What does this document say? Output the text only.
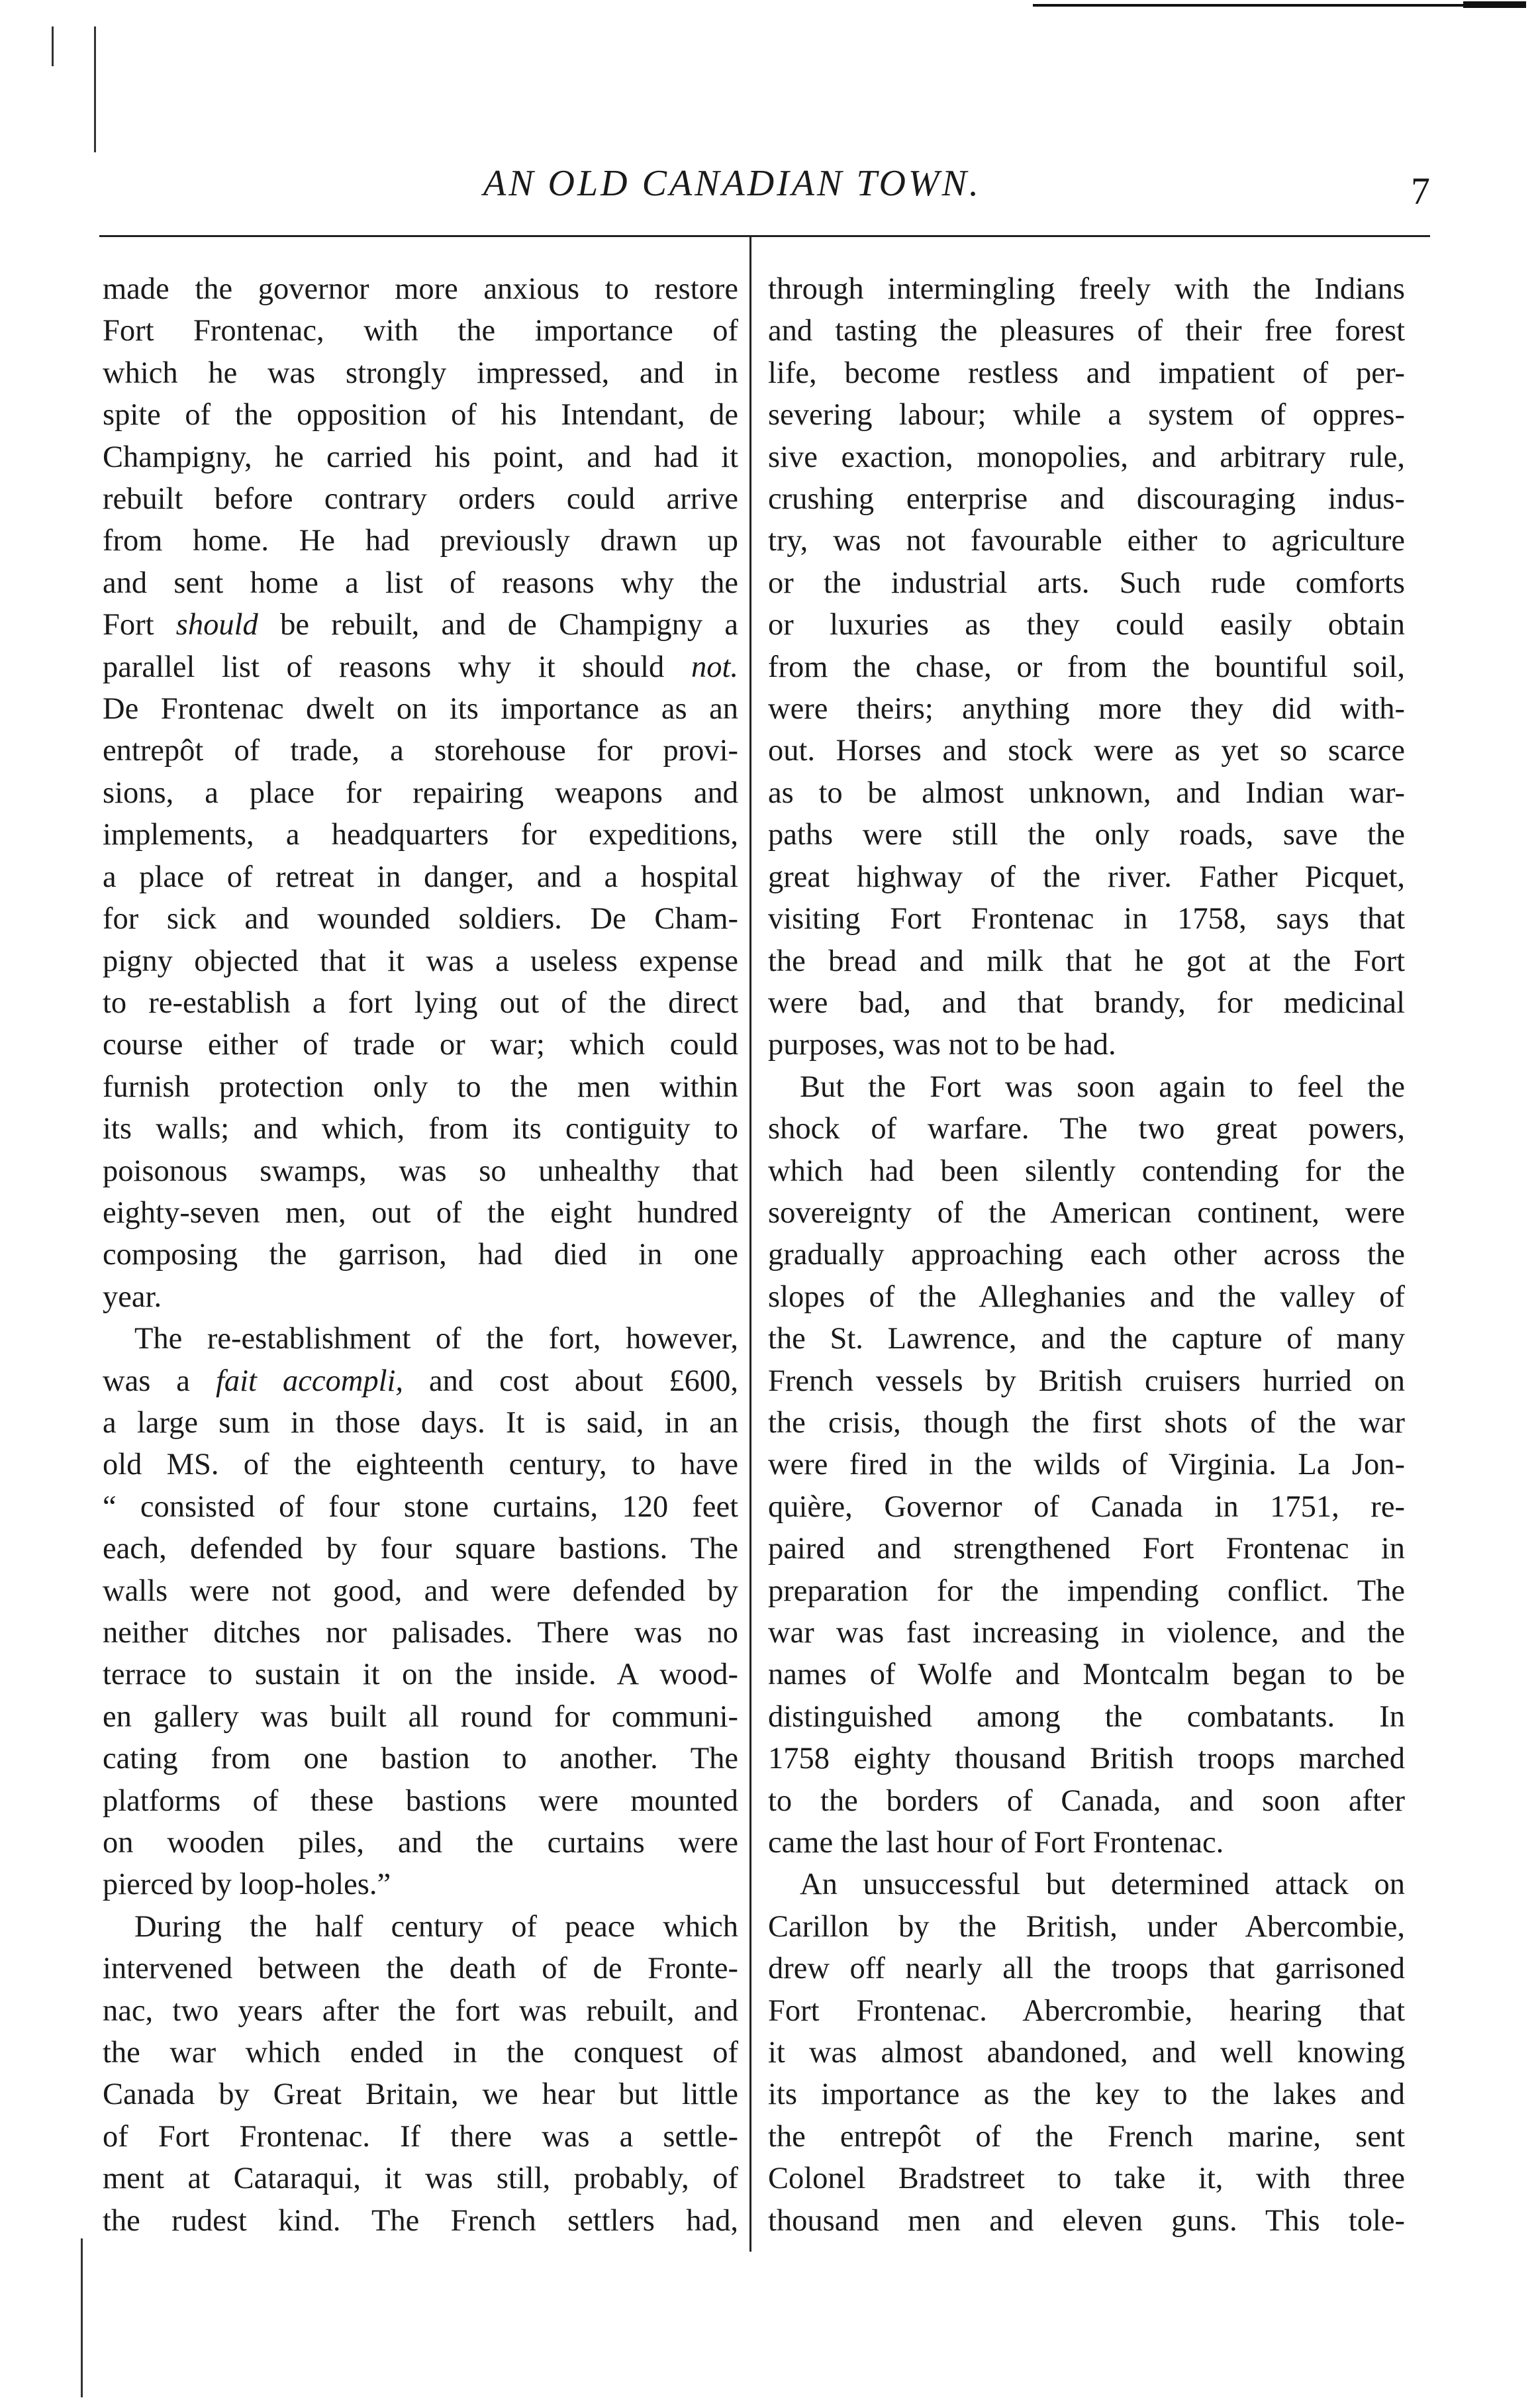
AN OLD CANADIAN TOWN.	7
made the governor more anxious to restore
Fort Frontenac, with the importance of
which he was strongly impressed, and in
spite of the opposition of his Intendant, de
Champigny, he carried his point, and had it
rebuilt before contrary orders could arrive
from home. He had previously drawn up
and sent home a list of reasons why the
Fort should be rebuilt, and de Champigny a
parallel list of reasons why it should not.
De Frontenac dwelt on its importance as an
entrepôt of trade, a storehouse for provi-
sions, a place for repairing weapons and
implements, a headquarters for expeditions,
a place of retreat in danger, and a hospital
for sick and wounded soldiers. De Cham-
pigny objected that it was a useless expense
to re-establish a fort lying out of the direct
course either of trade or war; which could
furnish protection only to the men within
its walls; and which, from its contiguity to
poisonous swamps, was so unhealthy that
eighty-seven men, out of the eight hundred
composing the garrison, had died in one
year.
The re-establishment of the fort, however,
was a fait accompli, and cost about £600,
a large sum in those days. It is said, in an
old MS. of the eighteenth century, to have
“ consisted of four stone curtains, 120 feet
each, defended by four square bastions. The
walls were not good, and were defended by
neither ditches nor palisades. There was no
terrace to sustain it on the inside. A wood-
en gallery was built all round for communi-
cating from one bastion to another. The
platforms of these bastions were mounted
on wooden piles, and the curtains were
pierced by loop-holes.”
During the half century of peace which
intervened between the death of de Fronte-
nac, two years after the fort was rebuilt, and
the war which ended in the conquest of
Canada by Great Britain, we hear but little
of Fort Frontenac. If there was a settle-
ment at Cataraqui, it was still, probably, of
the rudest kind. The French settlers had,
through intermingling freely with the Indians
and tasting the pleasures of their free forest
life, become restless and impatient of per-
severing labour; while a system of oppres-
sive exaction, monopolies, and arbitrary rule,
crushing enterprise and discouraging indus-
try, was not favourable either to agriculture
or the industrial arts. Such rude comforts
or luxuries as they could easily obtain
from the chase, or from the bountiful soil,
were theirs; anything more they did with-
out. Horses and stock were as yet so scarce
as to be almost unknown, and Indian war-
paths were still the only roads, save the
great highway of the river. Father Picquet,
visiting Fort Frontenac in 1758, says that
the bread and milk that he got at the Fort
were bad, and that brandy, for medicinal
purposes, was not to be had.
But the Fort was soon again to feel the
shock of warfare. The two great powers,
which had been silently contending for the
sovereignty of the American continent, were
gradually approaching each other across the
slopes of the Alleghanies and the valley of
the St. Lawrence, and the capture of many
French vessels by British cruisers hurried on
the crisis, though the first shots of the war
were fired in the wilds of Virginia. La Jon-
quière, Governor of Canada in 1751, re-
paired and strengthened Fort Frontenac in
preparation for the impending conflict. The
war was fast increasing in violence, and the
names of Wolfe and Montcalm began to be
distinguished among the combatants. In
1758 eighty thousand British troops marched
to the borders of Canada, and soon after
came the last hour of Fort Frontenac.
An unsuccessful but determined attack on
Carillon by the British, under Abercombie,
drew off nearly all the troops that garrisoned
Fort Frontenac. Abercrombie, hearing that
it was almost abandoned, and well knowing
its importance as the key to the lakes and
the entrepôt of the French marine, sent
Colonel Bradstreet to take it, with three
thousand men and eleven guns. This tole-
